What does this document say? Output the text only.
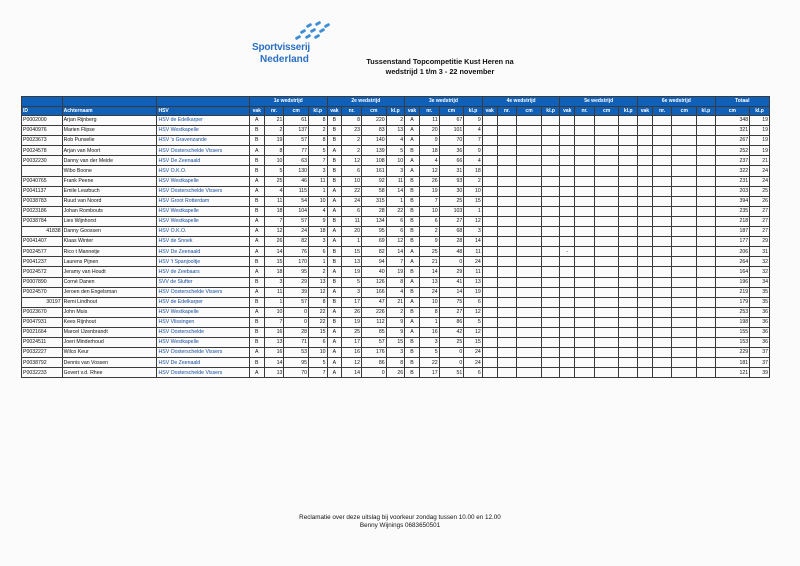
Sportvisserij
Nederland	Tussenstand Topcompetitie Kust Heren na
wedstrijd 1 t/m 3 - 22 november
			1e wedstrijd				2e wedstrijd				3e wedstrijd				4e wedstrijd				5e wedstrijd				6e wedstrijd				Totaal	
ID	Achternaam	HSV	vak	nr.	cm	kl.p	vak	nr.	cm	kl.p	vak	nr.	cm	kl.p	vak	nr.	cm	kl.p	vak	nr.	cm	kl.p	vak	nr.	cm	kl.p	cm	kl.p
P0002000	Arjan Rijnberg	HSV de Edelkarper	A	21	61	8	B	8	220	2	A	11	67	9													348	19
P0040976	Marien Flipse	HSV Westkapelle	B	2	137	2	B	23	83	13	A	20	101	4													321	19
P0023673	Rob Punselie	HSV 's Gravenzande	B	19	57	8	B	2	140	4	A	9	70	7													267	19
P0024578	Arjan van Moort	HSV Oosterschelde Vissers	A	8	77	5	A	2	139	5	B	18	36	9													252	19
P0032230	Danny van der Meide	HSV De Zeenaald	B	10	63	7	B	12	108	10	A	4	66	4													237	21
	Wibo Boone	HSV O.K.O.	B	5	130	3	B	6	161	3	A	12	31	18													322	24
P0040765	Frank Peene	HSV Westkapelle	A	25	46	11	B	10	92	11	B	26	93	2													231	24
P0041137	Emile Learbuch	HSV Oosterschelde Vissers	A	4	115	1	A	22	58	14	B	19	30	10													203	25
P0038783	Ruud van Noord	HSV Groot Rotterdam	B	11	54	10	A	24	315	1	B	7	25	15													394	26
P0023186	Johan Rombouts	HSV Westkapelle	B	18	104	4	A	6	28	22	B	10	103	1													235	27
P0038784	Lies Wijnhorst	HSV Westkapelle	A	7	57	9	B	11	134	6	B	6	27	12													218	27
41838	Danny Goossen	HSV O.K.O.	A	12	24	18	A	20	95	6	B	2	68	3													187	27
P0041407	Klaas Winter	HSV de Snoek	A	26	82	3	A	1	69	12	B	9	28	14													177	29
P0024577	Rico t Mannetje	HSV De Zeenaald	A	14	76	6	B	15	82	14	A	25	48	11					-								206	31
P0041237	Laurens Pijnen	HSV 't Spanjooltje	B	15	170	1	B	13	94	7	A	21	0	24													264	32
P0024572	Jeramy van Houdt	HSV de Zeebaars	A	18	95	2	A	19	40	19	B	14	29	11													164	32
P0007890	Corné Danen	SVV de Slufter	B	3	29	13	B	5	126	8	A	13	41	13													196	34
P0024570	Jeroen den Engelsman	HSV Oosterschelde Vissers	A	11	39	12	A	3	166	4	B	24	14	19													219	35
30197	Remi Lindhout	HSV de Edelkarper	B	1	57	8	B	17	47	21	A	10	75	6													179	35
P0023670	John Muis	HSV Westkapelle	A	10	0	22	A	26	226	2	B	8	27	12													253	36
P0047931	Kees Rijnhout	HSV Vlissingen	B	7	0	22	B	19	112	9	A	1	86	5													198	36
P0021664	Marcel IJzenbrandt	HSV Oosterschelde	B	16	28	15	A	25	85	9	A	16	42	12													155	36
P0024511	Joeri Minderhoud	HSV Westkapelle	B	13	71	6	A	17	57	15	B	3	25	15													153	36
P0032227	Wilco Keur	HSV Oosterschelde Vissers	A	16	53	10	A	16	176	3	B	5	0	24													229	37
P0038792	Dennis van Vossen	HSV De Zeenaald	B	14	95	5	A	12	86	8	B	22	0	24													181	37
P0032233	Govert v.d. Rhee	HSV Oosterschelde Vissers	A	13	70	7	A	14	0	26	B	17	51	6													121	39
Reclamatie over deze uitslag bij voorkeur zondag tussen 10.00 en 12.00
Benny Wijnings 0683650501
